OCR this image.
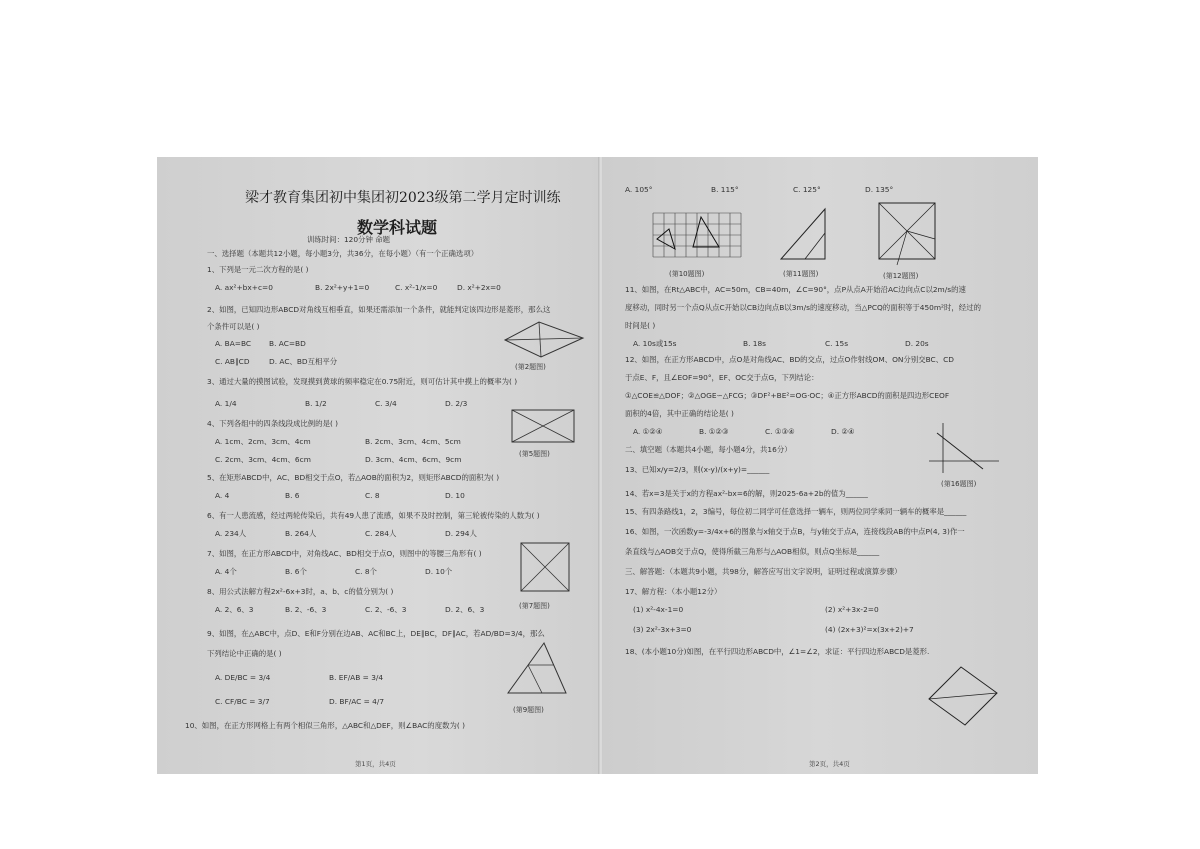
梁才教育集团初中集团初2023级第二学月定时训练
数学科试题
训练时间：120分钟 命题
一、选择题（本题共12小题，每小题3分，共36分，在每小题）（有一个正确选项）
1、下列是一元二次方程的是( )
A. ax²+bx+c=0	B. 2x²+y+1=0	C. x²-1/x=0	D. x²+2x=0
2、如图，已知四边形ABCD对角线互相垂直，如果还需添加一个条件，就能判定该四边形是菱形，那么这
个条件可以是( )
A. BA=BC B. AC=BD
C. AB∥CD	D. AC、BD互相平分
(第2题图)
3、通过大量的摸图试验，发现摸到黄球的频率稳定在0.75附近，则可估计其中摸上的概率为( )
A. 1/4	B. 1/2	C. 3/4	D. 2/3
(第5题图)
4、下列各组中的四条线段成比例的是( )
A. 1cm、2cm、3cm、4cm	B. 2cm、3cm、4cm、5cm
C. 2cm、3cm、4cm、6cm	D. 3cm、4cm、6cm、9cm
5、在矩形ABCD中，AC、BD相交于点O，若△AOB的面积为2，则矩形ABCD的面积为( )
A. 4	B. 6	C. 8	D. 10
6、有一人患流感，经过两轮传染后，共有49人患了流感，如果不及时控制，第三轮被传染的人数为( )
A. 234人	B. 264人	C. 284人	D. 294人
7、如图，在正方形ABCD中，对角线AC、BD相交于点O，则图中的等腰三角形有( )
A. 4个	B. 6个	C. 8个	D. 10个
(第7题图)
8、用公式法解方程2x²-6x+3时，a、b、c的值分别为( )
A. 2、6、3	B. 2、-6、3	C. 2、-6、3	D. 2、6、3
9、如图，在△ABC中，点D、E和F分别在边AB、AC和BC上，DE∥BC，DF∥AC，若AD/BD=3/4，那么
下列结论中正确的是( )
A. DE/BC = 3/4	B. EF/AB = 3/4
C. CF/BC = 3/7	D. BF/AC = 4/7
(第9题图)
10、如图，在正方形网格上有两个相似三角形，△ABC和△DEF，则∠BAC的度数为( )
第1页，共4页
A. 105°	B. 115°	C. 125°	D. 135°
(第10题图)	(第11题图)	(第12题图)
11、如图，在Rt△ABC中，AC=50m，CB=40m，∠C=90°，点P从点A开始沿AC边向点C以2m/s的速
度移动，同时另一个点Q从点C开始以CB边向点B以3m/s的速度移动，当△PCQ的面积等于450m²时，经过的
时间是( )
A. 10s或15s	B. 18s	C. 15s	D. 20s
12、如图，在正方形ABCD中，点O是对角线AC、BD的交点，过点O作射线OM、ON分别交BC、CD
于点E、F，且∠EOF=90°，EF、OC交于点G，下列结论：
①△COE≌△DOF；②△OGE∽△FCG；③DF²+BE²=OG·OC；④正方形ABCD的面积是四边形CEOF
面积的4倍，其中正确的结论是( )
A. ①②④	B. ①②③	C. ①③④	D. ②④
二、填空题（本题共4小题，每小题4分，共16分）
13、已知x/y=2/3，则(x-y)/(x+y)=______
(第16题图)
14、若x=3是关于x的方程ax²-bx=6的解，则2025-6a+2b的值为______
15、有四条路线1，2，3编号，每位初二同学可任意选择一辆车，则两位同学乘同一辆车的概率是______
16、如图，一次函数y=-3/4x+6的图象与x轴交于点B，与y轴交于点A，连接线段AB的中点P(4, 3)作一
条直线与△AOB交于点Q，使得所截三角形与△AOB相似，则点Q坐标是______
三、解答题：（本题共9小题，共98分，解答应写出文字说明，证明过程或演算步骤）
17、解方程：（本小题12分）
(1) x²-4x-1=0	(2) x²+3x-2=0
(3) 2x²-3x+3=0	(4) (2x+3)²=x(3x+2)+7
18、(本小题10分)如图，在平行四边形ABCD中，∠1=∠2，求证：平行四边形ABCD是菱形.
第2页，共4页
